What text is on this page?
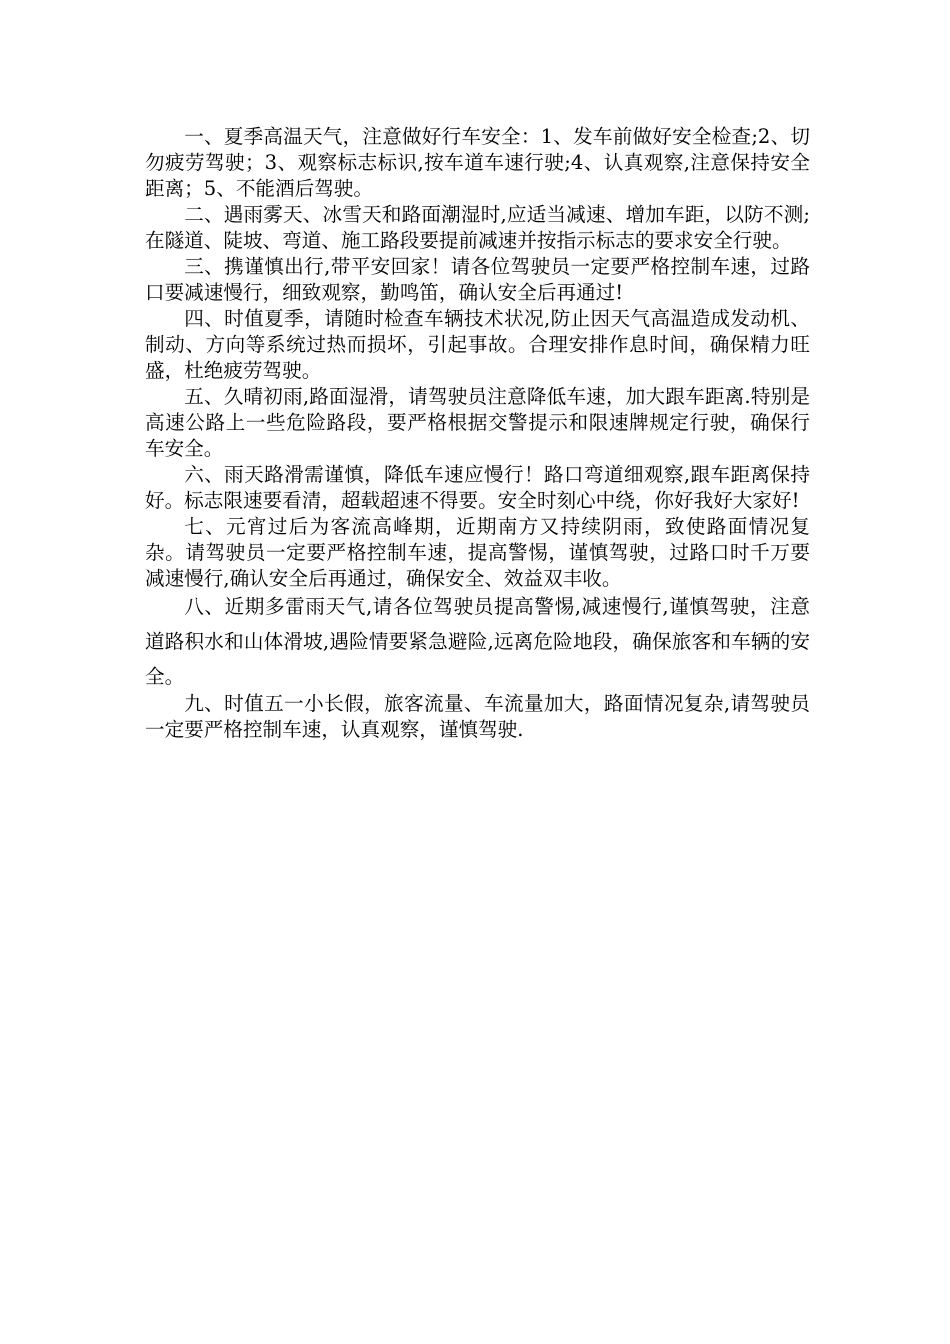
一、夏季高温天气，注意做好行车安全：1、发车前做好安全检查;2、切勿疲劳驾驶；3、观察标志标识,按车道车速行驶;4、认真观察,注意保持安全距离；5、不能酒后驾驶。

二、遇雨雾天、冰雪天和路面潮湿时,应适当减速、增加车距，以防不测;在隧道、陡坡、弯道、施工路段要提前减速并按指示标志的要求安全行驶。

三、携谨慎出行,带平安回家！请各位驾驶员一定要严格控制车速，过路口要减速慢行，细致观察，勤鸣笛，确认安全后再通过!

四、时值夏季，请随时检查车辆技术状况,防止因天气高温造成发动机、制动、方向等系统过热而损坏，引起事故。合理安排作息时间，确保精力旺盛，杜绝疲劳驾驶。

五、久晴初雨,路面湿滑，请驾驶员注意降低车速，加大跟车距离.特别是高速公路上一些危险路段，要严格根据交警提示和限速牌规定行驶，确保行车安全。

六、雨天路滑需谨慎，降低车速应慢行！路口弯道细观察,跟车距离保持好。标志限速要看清，超载超速不得要。安全时刻心中绕，你好我好大家好!

七、元宵过后为客流高峰期，近期南方又持续阴雨，致使路面情况复杂。请驾驶员一定要严格控制车速，提高警惕，谨慎驾驶，过路口时千万要减速慢行,确认安全后再通过，确保安全、效益双丰收。

八、近期多雷雨天气,请各位驾驶员提高警惕,减速慢行,谨慎驾驶，注意道路积水和山体滑坡,遇险情要紧急避险,远离危险地段，确保旅客和车辆的安全。

九、时值五一小长假，旅客流量、车流量加大，路面情况复杂,请驾驶员一定要严格控制车速，认真观察，谨慎驾驶.
